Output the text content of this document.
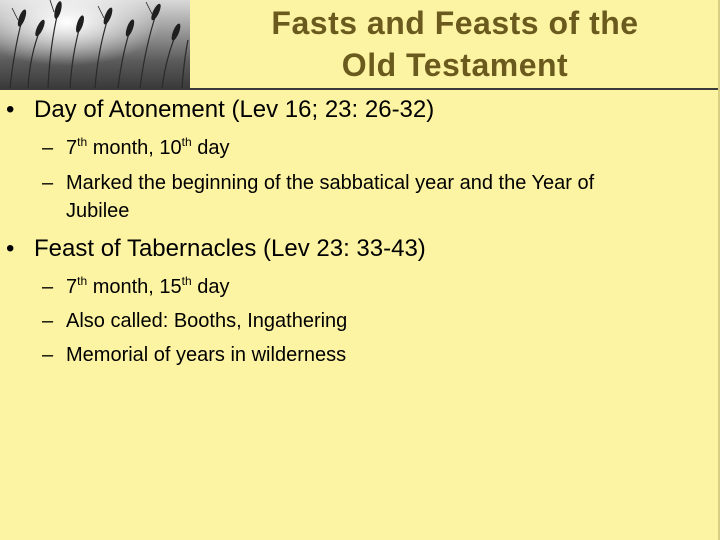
Fasts and Feasts of the
Old Testament
• Day of Atonement (Lev 16; 23: 26-32)
– 7th month, 10th day
– Marked the beginning of the sabbatical year and the Year of
Jubilee
• Feast of Tabernacles (Lev 23: 33-43)
– 7th month, 15th day
– Also called: Booths, Ingathering
– Memorial of years in wilderness
